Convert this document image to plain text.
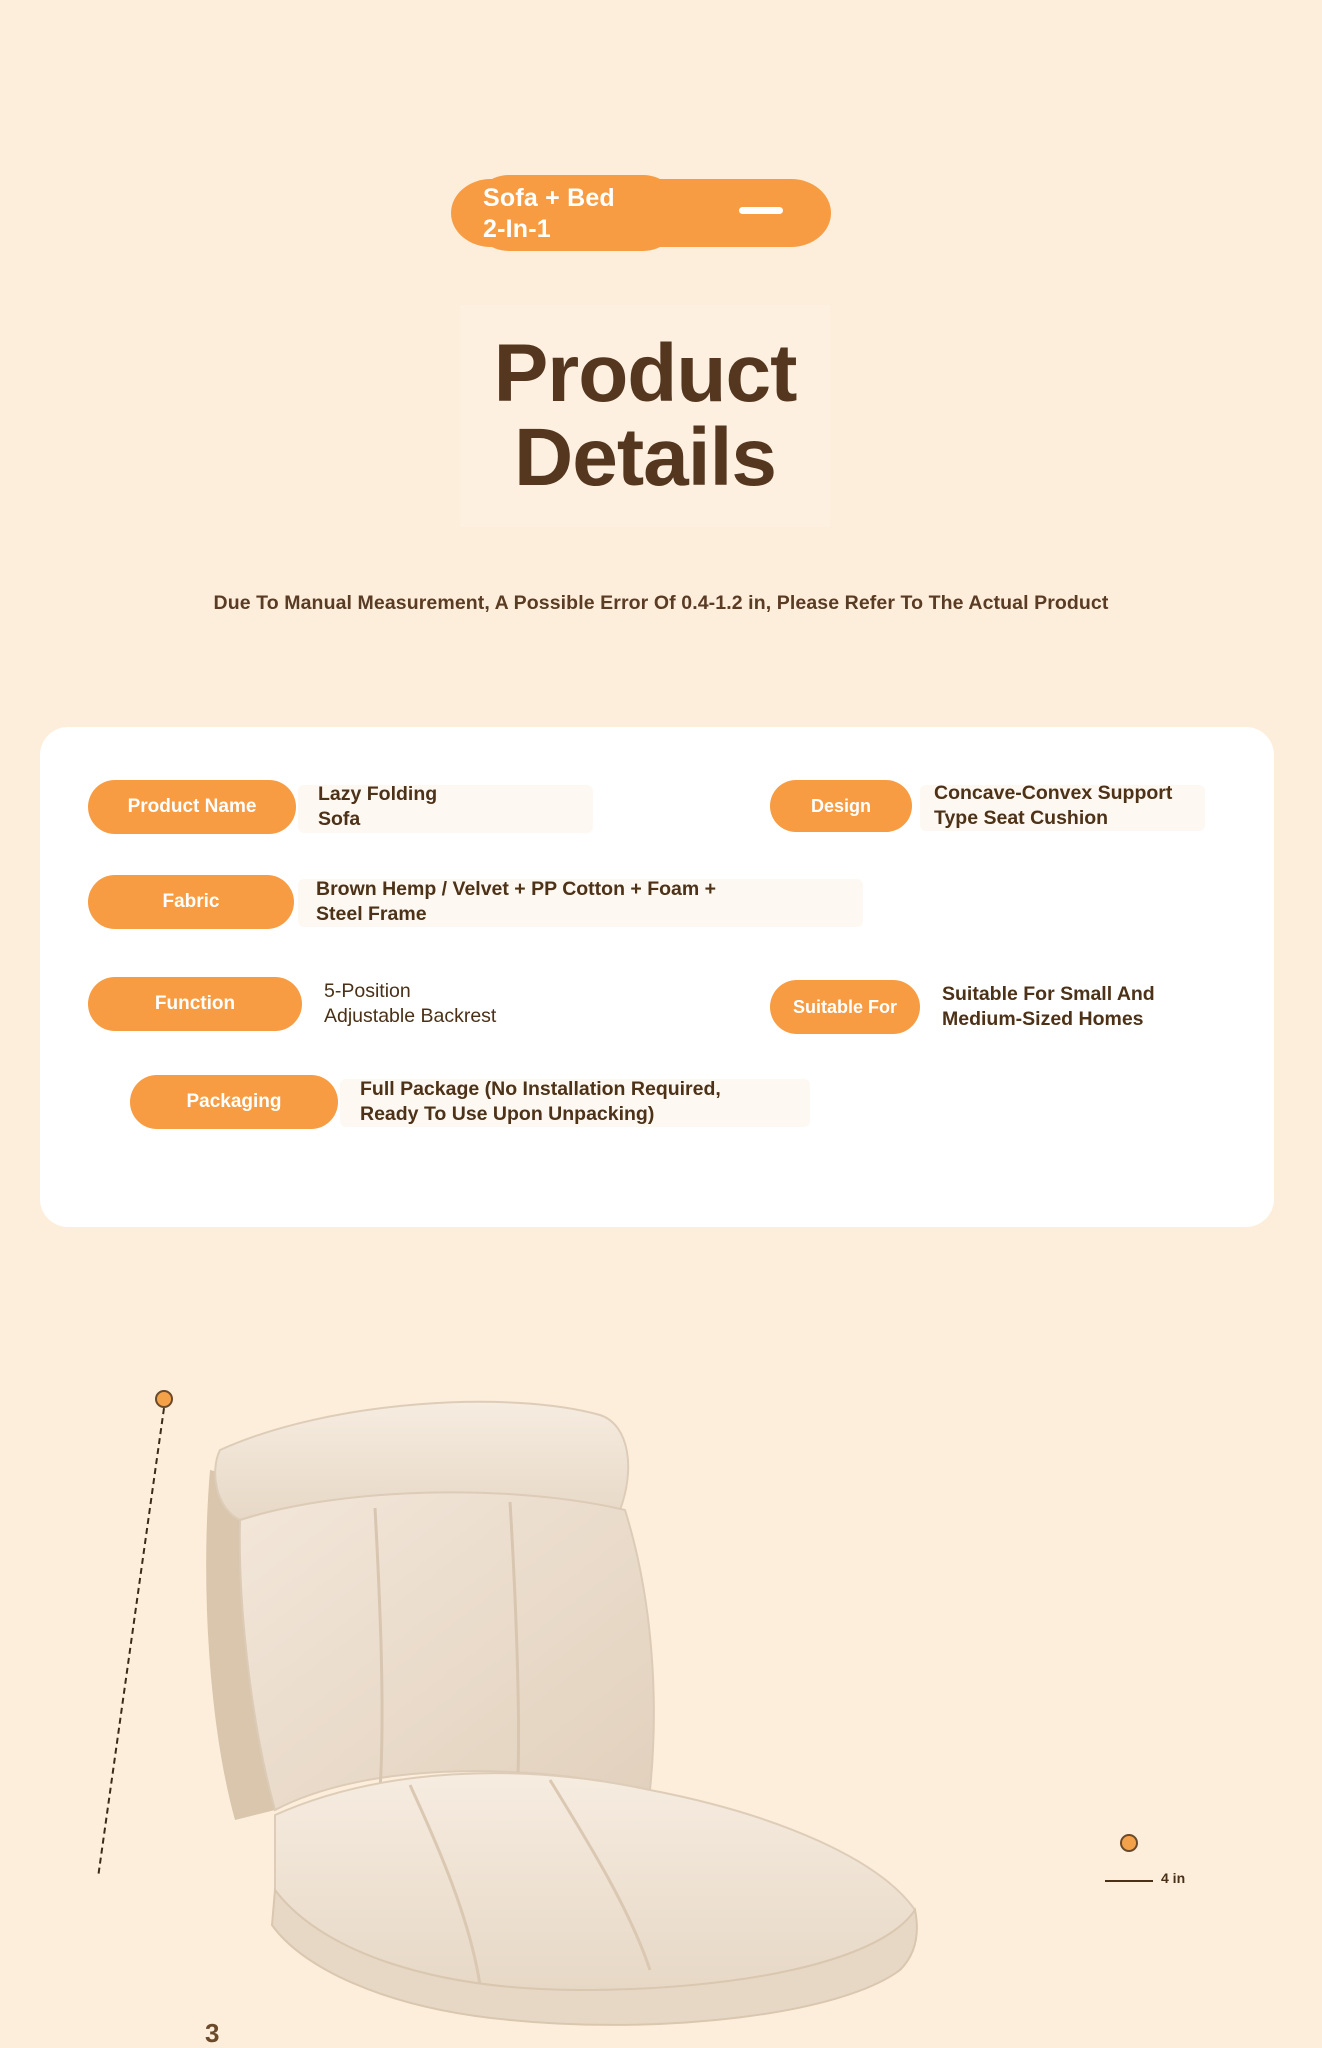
Sofa + Bed
2-In-1
Product
Details
Due To Manual Measurement, A Possible Error Of 0.4-1.2 in, Please Refer To The Actual Product
Product Name
Lazy Folding
Sofa
Design
Concave-Convex Support
Type Seat Cushion
Fabric
Brown Hemp / Velvet + PP Cotton + Foam +
Steel Frame
Function
5-Position
Adjustable Backrest	Suitable For
Suitable For Small And
Medium-Sized Homes
Packaging
Full Package (No Installation Required,
Ready To Use Upon Unpacking)
3
4 in
